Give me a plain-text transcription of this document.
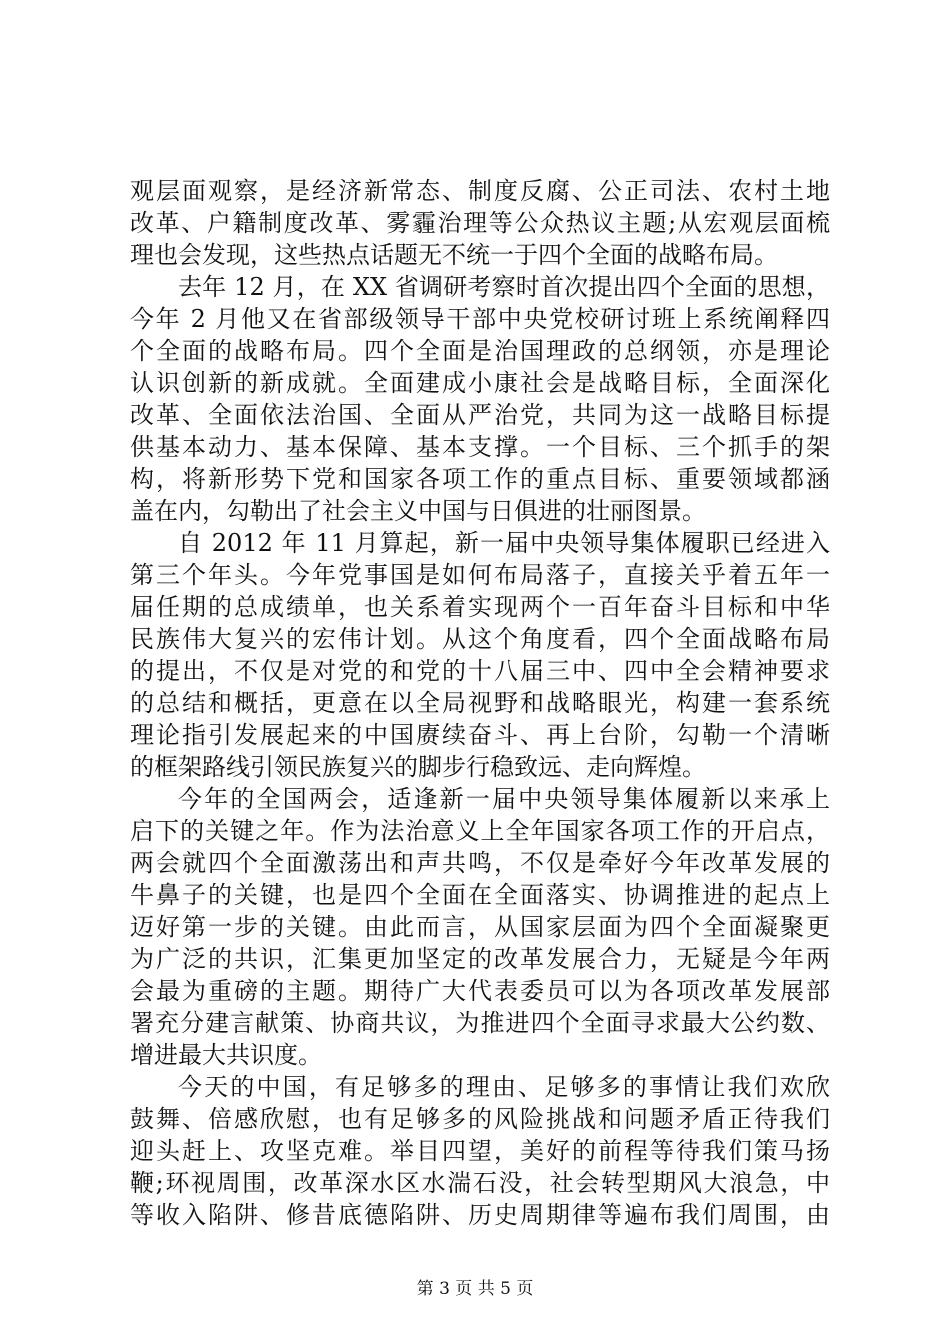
观层面观察，是经济新常态、制度反腐、公正司法、农村土地
改革、户籍制度改革、雾霾治理等公众热议主题;从宏观层面梳
理也会发现，这些热点话题无不统一于四个全面的战略布局。
去年 12 月，在 XX 省调研考察时首次提出四个全面的思想，
今年 2 月他又在省部级领导干部中央党校研讨班上系统阐释四
个全面的战略布局。四个全面是治国理政的总纲领，亦是理论
认识创新的新成就。全面建成小康社会是战略目标，全面深化
改革、全面依法治国、全面从严治党，共同为这一战略目标提
供基本动力、基本保障、基本支撑。一个目标、三个抓手的架
构，将新形势下党和国家各项工作的重点目标、重要领域都涵
盖在内，勾勒出了社会主义中国与日俱进的壮丽图景。
自 2012 年 11 月算起，新一届中央领导集体履职已经进入
第三个年头。今年党事国是如何布局落子，直接关乎着五年一
届任期的总成绩单，也关系着实现两个一百年奋斗目标和中华
民族伟大复兴的宏伟计划。从这个角度看，四个全面战略布局
的提出，不仅是对党的和党的十八届三中、四中全会精神要求
的总结和概括，更意在以全局视野和战略眼光，构建一套系统
理论指引发展起来的中国赓续奋斗、再上台阶，勾勒一个清晰
的框架路线引领民族复兴的脚步行稳致远、走向辉煌。
今年的全国两会，适逢新一届中央领导集体履新以来承上
启下的关键之年。作为法治意义上全年国家各项工作的开启点，
两会就四个全面激荡出和声共鸣，不仅是牵好今年改革发展的
牛鼻子的关键，也是四个全面在全面落实、协调推进的起点上
迈好第一步的关键。由此而言，从国家层面为四个全面凝聚更
为广泛的共识，汇集更加坚定的改革发展合力，无疑是今年两
会最为重磅的主题。期待广大代表委员可以为各项改革发展部
署充分建言献策、协商共议，为推进四个全面寻求最大公约数、
增进最大共识度。
今天的中国，有足够多的理由、足够多的事情让我们欢欣
鼓舞、倍感欣慰，也有足够多的风险挑战和问题矛盾正待我们
迎头赶上、攻坚克难。举目四望，美好的前程等待我们策马扬
鞭;环视周围，改革深水区水湍石没，社会转型期风大浪急，中
等收入陷阱、修昔底德陷阱、历史周期律等遍布我们周围，由
第 3 页 共 5 页
